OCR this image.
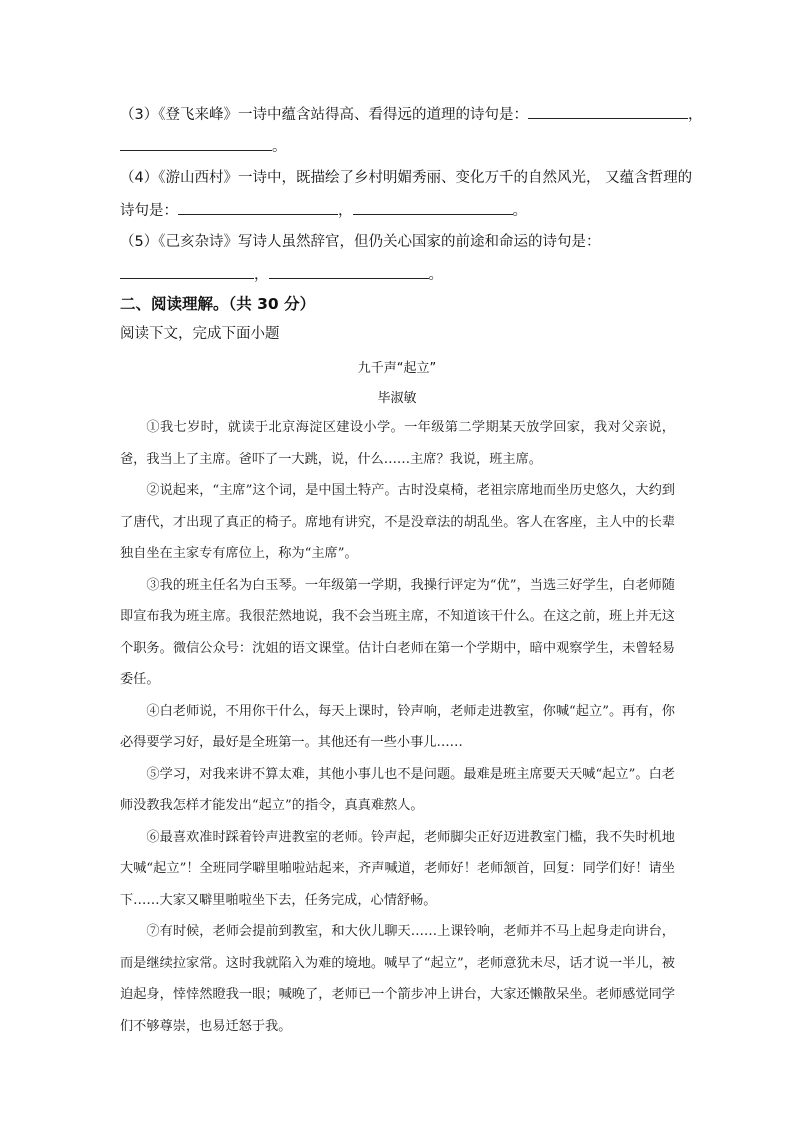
（3）《登飞来峰》一诗中蕴含站得高、看得远的道理的诗句是：	，
。
（4）《游山西村》一诗中，既描绘了乡村明媚秀丽、变化万千的自然风光， 又蕴含哲理的
诗句是：	，	。
（5）《己亥杂诗》写诗人虽然辞官，但仍关心国家的前途和命运的诗句是：
，	。
二、阅读理解。（共 30 分）
阅读下文，完成下面小题
九千声“起立”
毕淑敏

①我七岁时，就读于北京海淀区建设小学。一年级第二学期某天放学回家，我对父亲说，爸，我当上了主席。爸吓了一大跳，说，什么……主席？我说，班主席。

②说起来，“主席”这个词，是中国土特产。古时没桌椅，老祖宗席地而坐历史悠久，大约到了唐代，才出现了真正的椅子。席地有讲究，不是没章法的胡乱坐。客人在客座，主人中的长辈独自坐在主家专有席位上，称为“主席”。

③我的班主任名为白玉琴。一年级第一学期，我操行评定为“优”，当选三好学生，白老师随即宣布我为班主席。我很茫然地说，我不会当班主席，不知道该干什么。在这之前，班上并无这个职务。微信公众号：沈姐的语文课堂。估计白老师在第一个学期中，暗中观察学生，未曾轻易委任。

④白老师说，不用你干什么，每天上课时，铃声响，老师走进教室，你喊“起立”。再有，你必得要学习好，最好是全班第一。其他还有一些小事儿……

⑤学习，对我来讲不算太难，其他小事儿也不是问题。最难是班主席要天天喊“起立”。白老师没教我怎样才能发出“起立”的指令，真真难熬人。

⑥最喜欢准时踩着铃声进教室的老师。铃声起，老师脚尖正好迈进教室门槛，我不失时机地大喊“起立”！全班同学噼里啪啦站起来，齐声喊道，老师好！老师颔首，回复：同学们好！请坐下……大家又噼里啪啦坐下去，任务完成，心情舒畅。

⑦有时候，老师会提前到教室，和大伙儿聊天……上课铃响，老师并不马上起身走向讲台，而是继续拉家常。这时我就陷入为难的境地。喊早了“起立”，老师意犹未尽，话才说一半儿，被迫起身，悻悻然瞪我一眼；喊晚了，老师已一个箭步冲上讲台，大家还懒散呆坐。老师感觉同学们不够尊崇，也易迁怒于我。
